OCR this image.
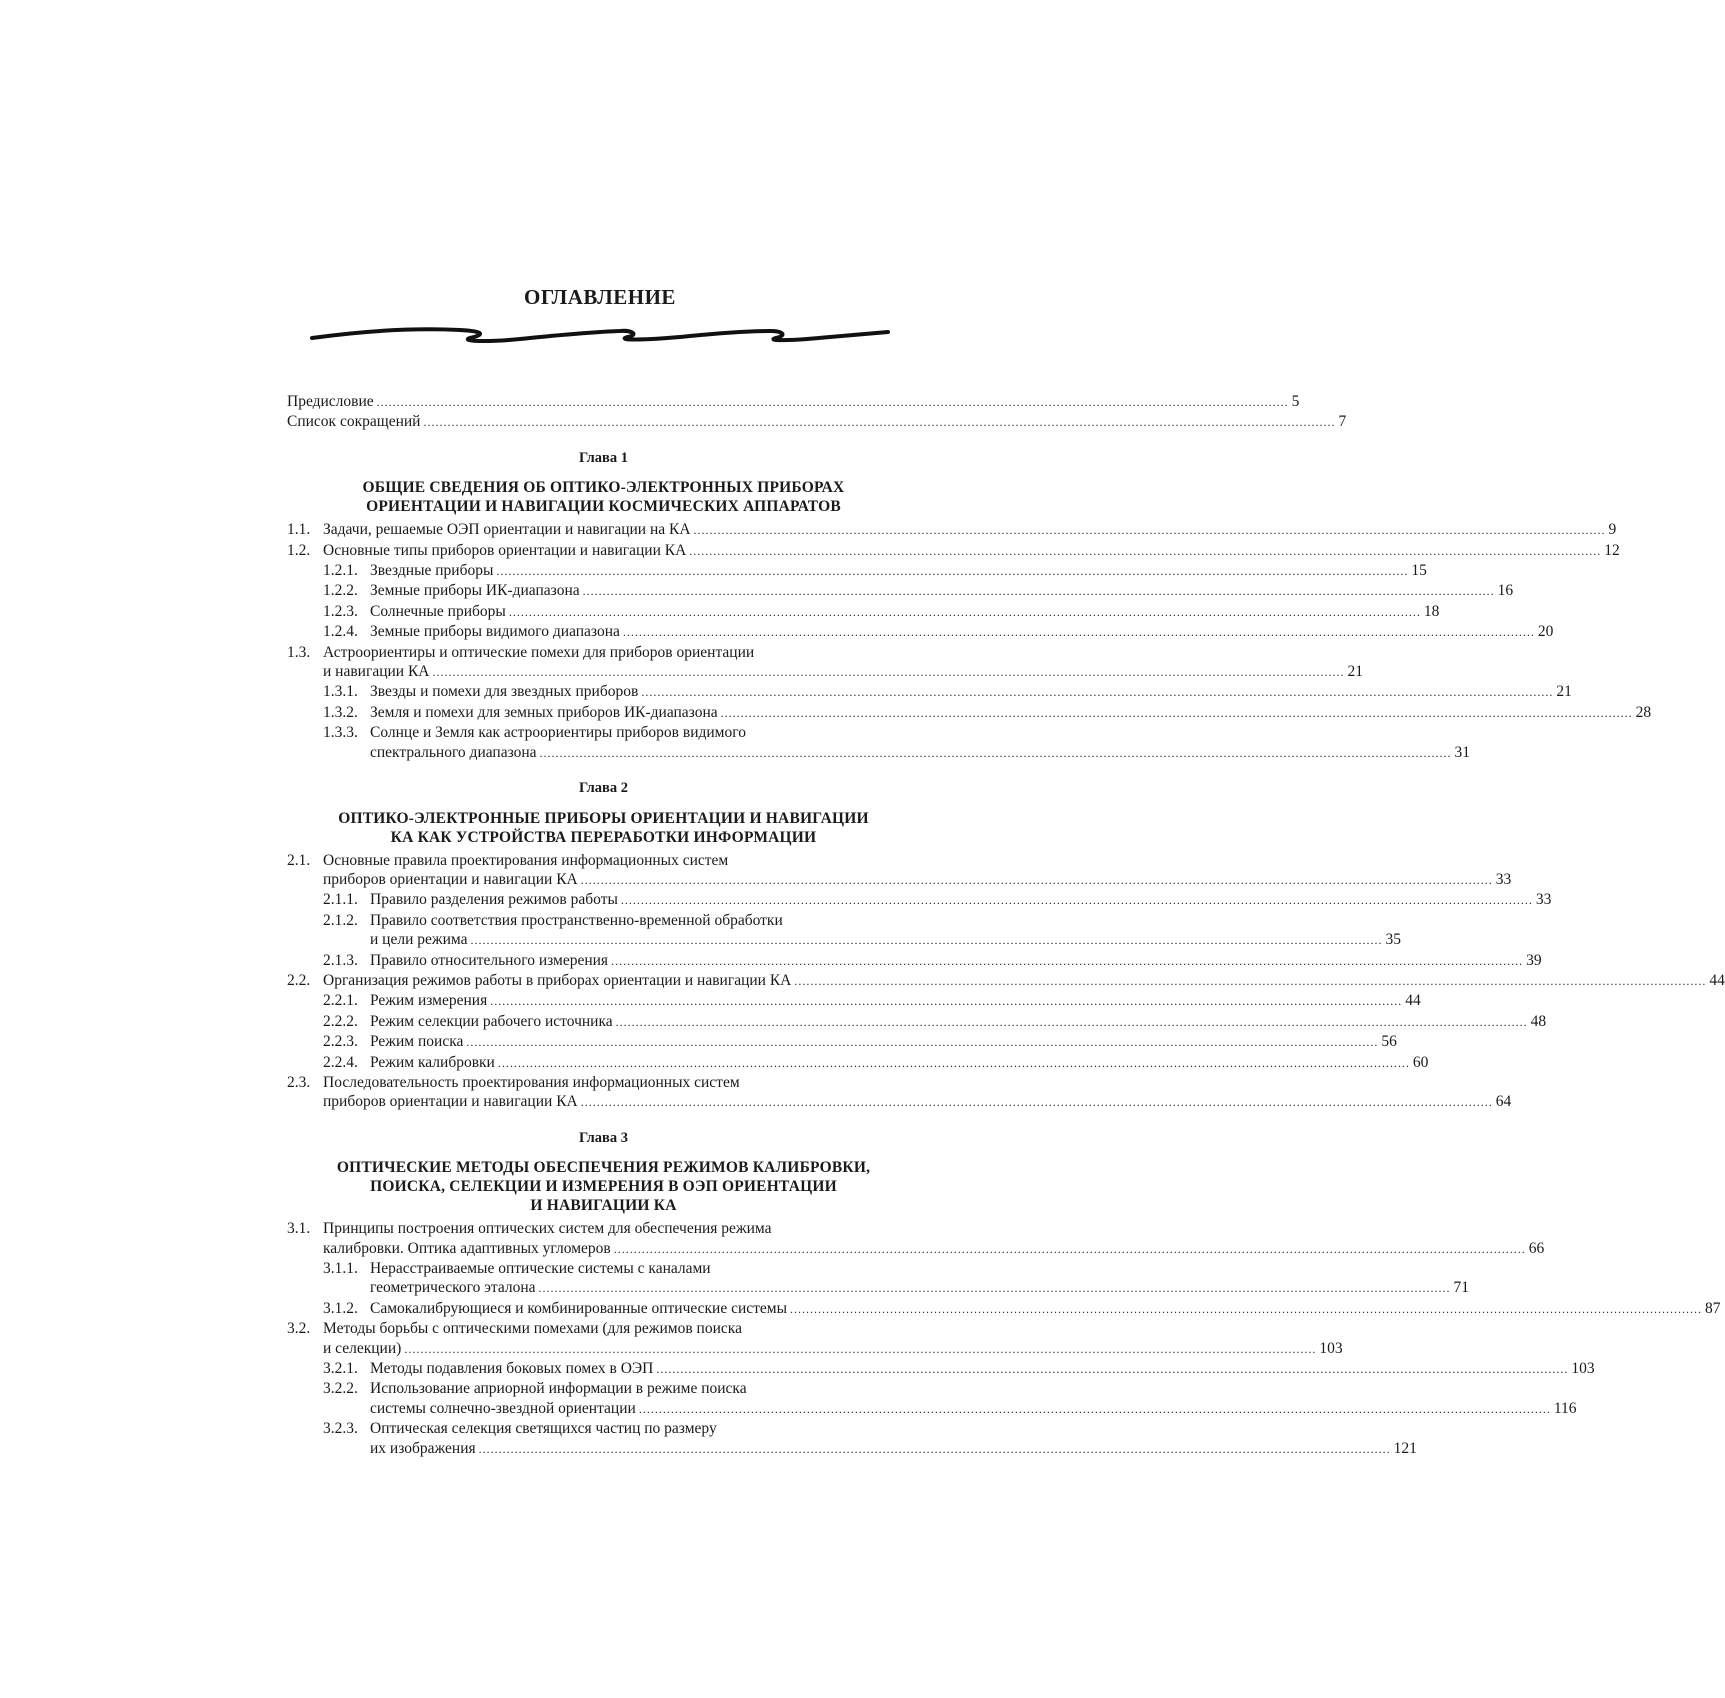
ОГЛАВЛЕНИЕ
Предисловие .....	5
Список сокращений .....	7
Глава 1
ОБЩИЕ СВЕДЕНИЯ ОБ ОПТИКО-ЭЛЕКТРОННЫХ ПРИБОРАХ
ОРИЕНТАЦИИ И НАВИГАЦИИ КОСМИЧЕСКИХ АППАРАТОВ
1.1. Задачи, решаемые ОЭП ориентации и навигации на КА .....	9
1.2. Основные типы приборов ориентации и навигации КА .....	12
1.2.1. Звездные приборы .....	15
1.2.2. Земные приборы ИК-диапазона .....	16
1.2.3. Солнечные приборы .....	18
1.2.4. Земные приборы видимого диапазона .....	20
1.3. Астроориентиры и оптические помехи для приборов ориентации
и навигации КА .....	21
1.3.1. Звезды и помехи для звездных приборов .....	21
1.3.2. Земля и помехи для земных приборов ИК-диапазона .....	28
1.3.3. Солнце и Земля как астроориентиры приборов видимого
спектрального диапазона .....	31
Глава 2
ОПТИКО-ЭЛЕКТРОННЫЕ ПРИБОРЫ ОРИЕНТАЦИИ И НАВИГАЦИИ
КА КАК УСТРОЙСТВА ПЕРЕРАБОТКИ ИНФОРМАЦИИ
2.1. Основные правила проектирования информационных систем
приборов ориентации и навигации КА .....	33
2.1.1. Правило разделения режимов работы .....	33
2.1.2. Правило соответствия пространственно-временной обработки
и цели режима .....	35
2.1.3. Правило относительного измерения .....	39
2.2. Организация режимов работы в приборах ориентации и навигации КА .....	44
2.2.1. Режим измерения .....	44
2.2.2. Режим селекции рабочего источника .....	48
2.2.3. Режим поиска .....	56
2.2.4. Режим калибровки .....	60
2.3. Последовательность проектирования информационных систем
приборов ориентации и навигации КА .....	64
Глава 3
ОПТИЧЕСКИЕ МЕТОДЫ ОБЕСПЕЧЕНИЯ РЕЖИМОВ КАЛИБРОВКИ,
ПОИСКА, СЕЛЕКЦИИ И ИЗМЕРЕНИЯ В ОЭП ОРИЕНТАЦИИ
И НАВИГАЦИИ КА
3.1. Принципы построения оптических систем для обеспечения режима
калибровки. Оптика адаптивных угломеров .....	66
3.1.1. Нерасстраиваемые оптические системы с каналами
геометрического эталона .....	71
3.1.2. Самокалибрующиеся и комбинированные оптические системы .....	87
3.2. Методы борьбы с оптическими помехами (для режимов поиска
и селекции) .....	103
3.2.1. Методы подавления боковых помех в ОЭП .....	103
3.2.2. Использование априорной информации в режиме поиска
системы солнечно-звездной ориентации .....	116
3.2.3. Оптическая селекция светящихся частиц по размеру
их изображения .....	121
